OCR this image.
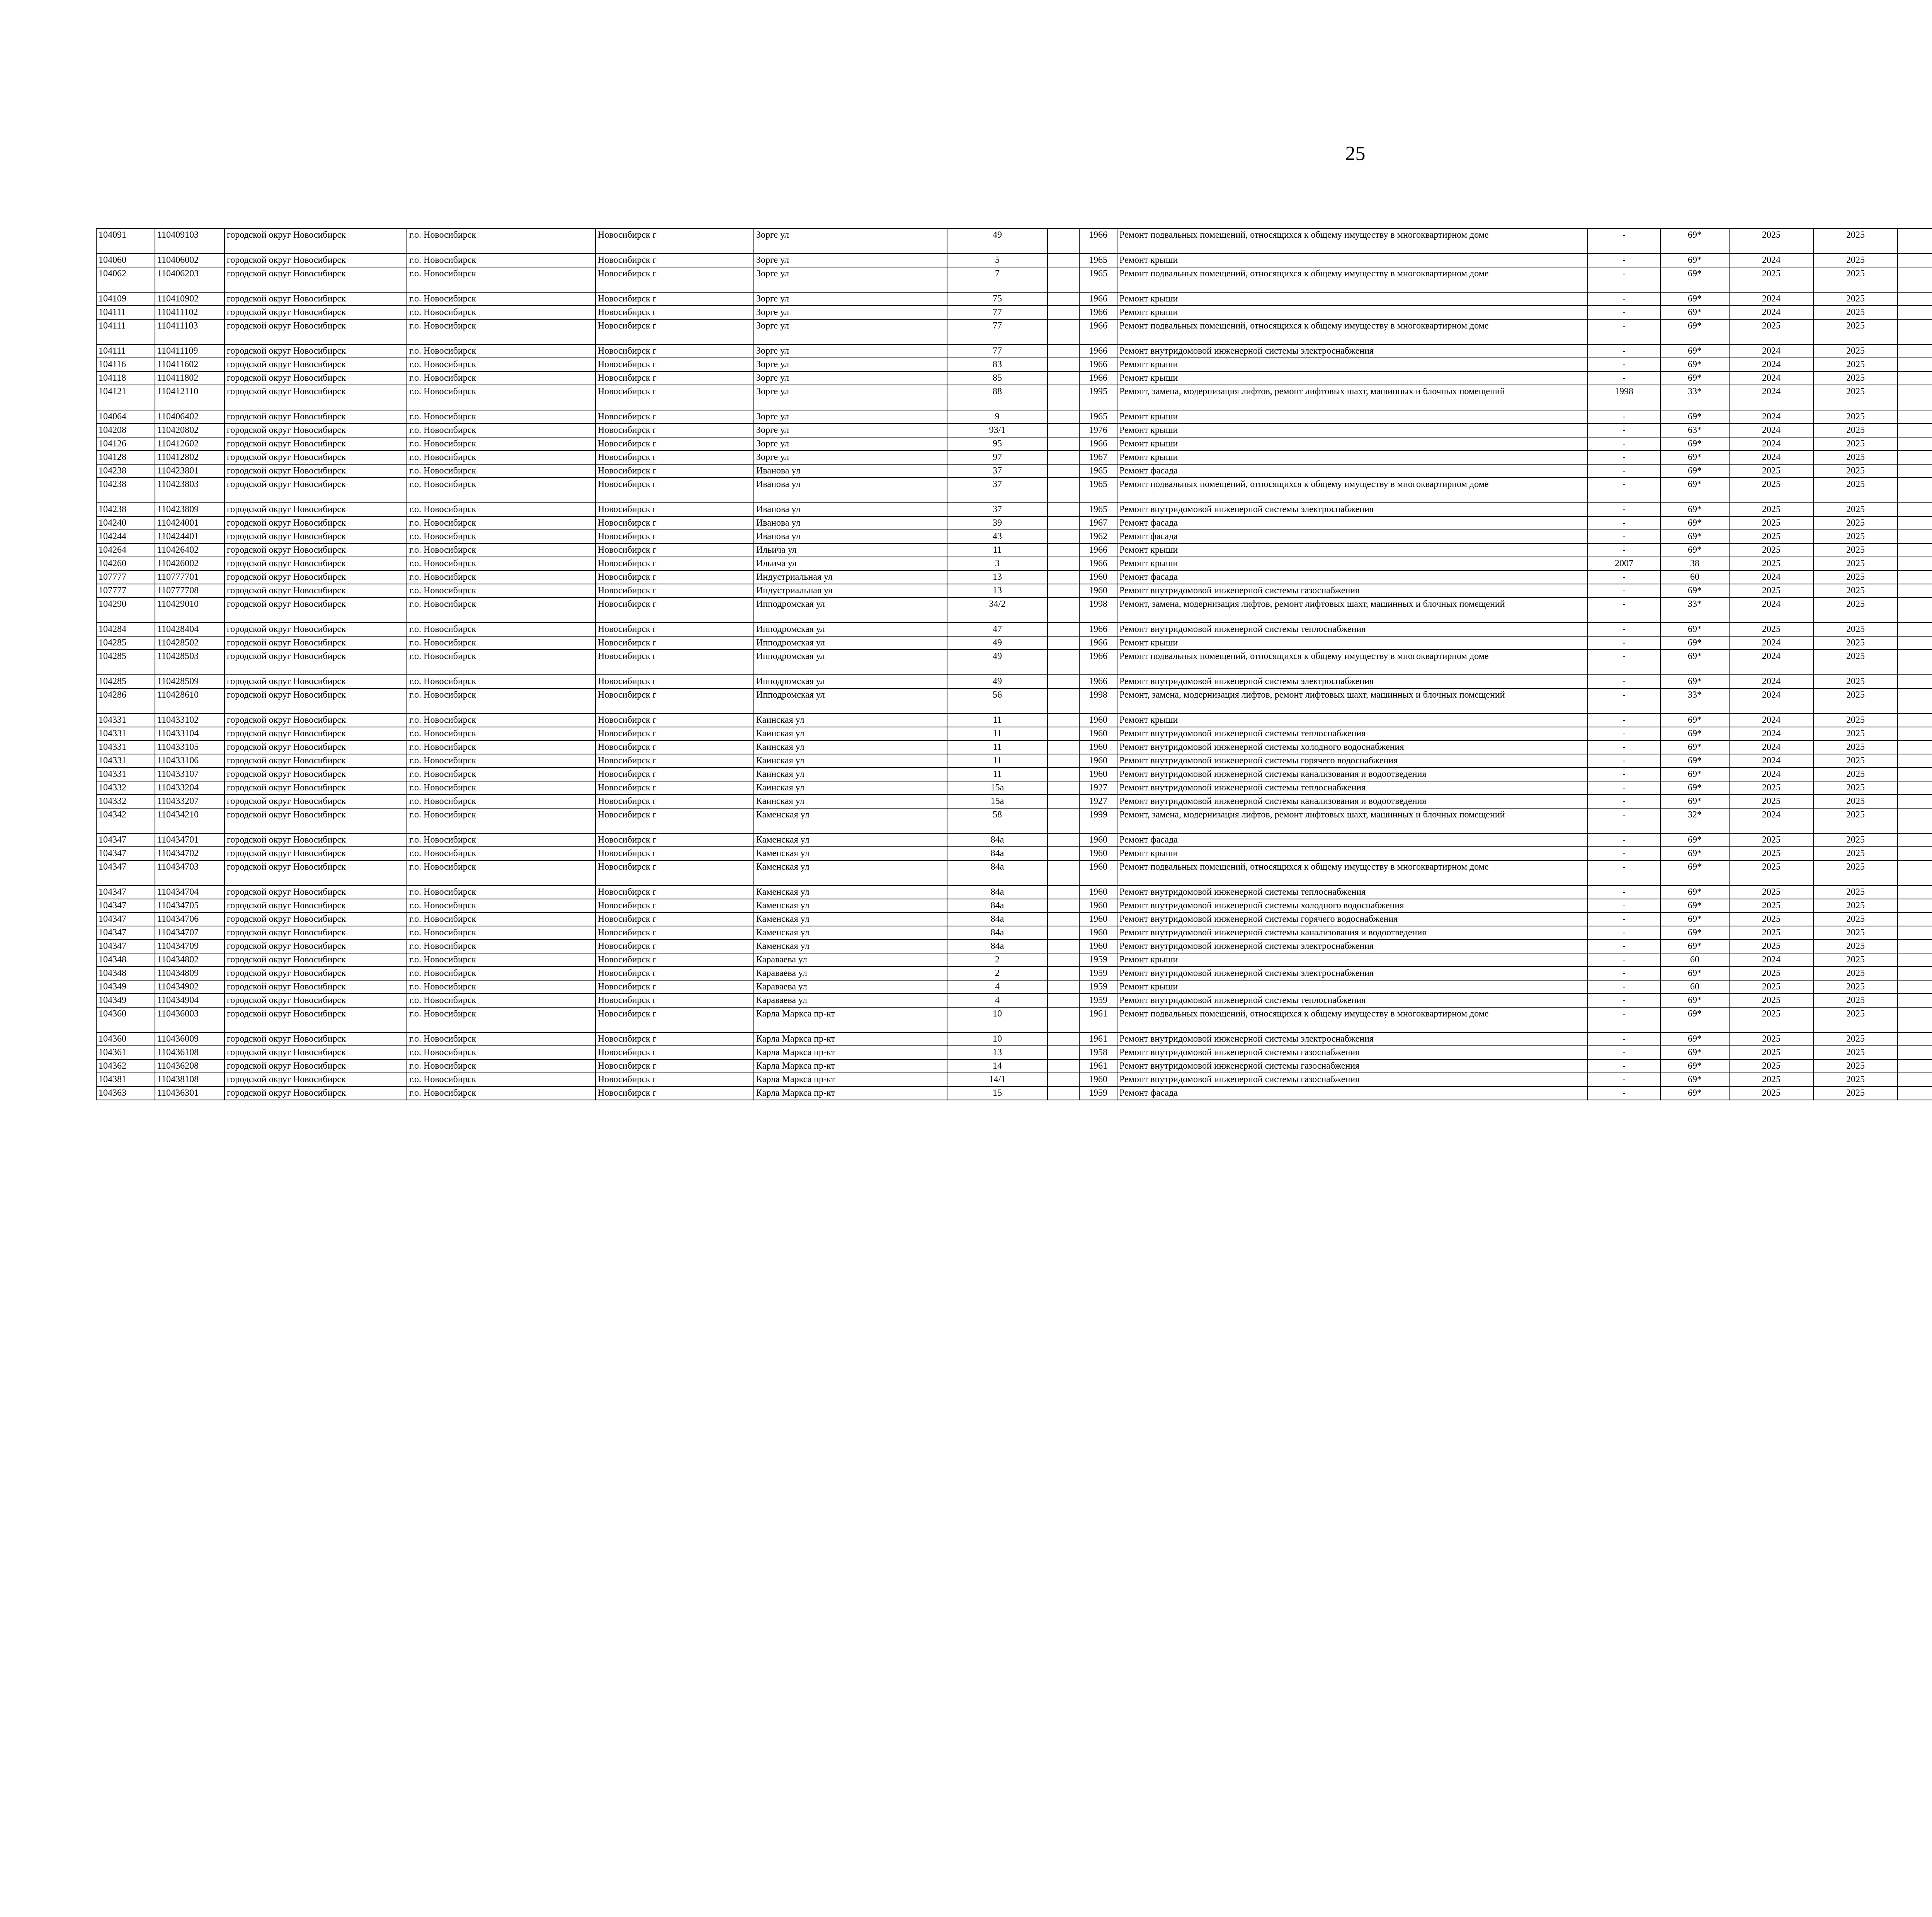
25
104091	110409103	городской округ Новосибирск	г.о. Новосибирск	Новосибирск г	Зорге ул	49		1966	Ремонт подвальных помещений, относящихся к общему имуществу в многоквартирном доме	-	69*	2025	2025								
104060	110406002	городской округ Новосибирск	г.о. Новосибирск	Новосибирск г	Зорге ул	5		1965	Ремонт крыши	-	69*	2024	2025								
104062	110406203	городской округ Новосибирск	г.о. Новосибирск	Новосибирск г	Зорге ул	7		1965	Ремонт подвальных помещений, относящихся к общему имуществу в многоквартирном доме	-	69*	2025	2025								
104109	110410902	городской округ Новосибирск	г.о. Новосибирск	Новосибирск г	Зорге ул	75		1966	Ремонт крыши	-	69*	2024	2025								
104111	110411102	городской округ Новосибирск	г.о. Новосибирск	Новосибирск г	Зорге ул	77		1966	Ремонт крыши	-	69*	2024	2025								
104111	110411103	городской округ Новосибирск	г.о. Новосибирск	Новосибирск г	Зорге ул	77		1966	Ремонт подвальных помещений, относящихся к общему имуществу в многоквартирном доме	-	69*	2025	2025								
104111	110411109	городской округ Новосибирск	г.о. Новосибирск	Новосибирск г	Зорге ул	77		1966	Ремонт внутридомовой инженерной системы электроснабжения	-	69*	2024	2025								
104116	110411602	городской округ Новосибирск	г.о. Новосибирск	Новосибирск г	Зорге ул	83		1966	Ремонт крыши	-	69*	2024	2025								
104118	110411802	городской округ Новосибирск	г.о. Новосибирск	Новосибирск г	Зорге ул	85		1966	Ремонт крыши	-	69*	2024	2025								
104121	110412110	городской округ Новосибирск	г.о. Новосибирск	Новосибирск г	Зорге ул	88		1995	Ремонт, замена, модернизация лифтов, ремонт лифтовых шахт, машинных и блочных помещений	1998	33*	2024	2025								
104064	110406402	городской округ Новосибирск	г.о. Новосибирск	Новосибирск г	Зорге ул	9		1965	Ремонт крыши	-	69*	2024	2025								
104208	110420802	городской округ Новосибирск	г.о. Новосибирск	Новосибирск г	Зорге ул	93/1		1976	Ремонт крыши	-	63*	2024	2025								
104126	110412602	городской округ Новосибирск	г.о. Новосибирск	Новосибирск г	Зорге ул	95		1966	Ремонт крыши	-	69*	2024	2025								
104128	110412802	городской округ Новосибирск	г.о. Новосибирск	Новосибирск г	Зорге ул	97		1967	Ремонт крыши	-	69*	2024	2025								
104238	110423801	городской округ Новосибирск	г.о. Новосибирск	Новосибирск г	Иванова ул	37		1965	Ремонт фасада	-	69*	2025	2025								
104238	110423803	городской округ Новосибирск	г.о. Новосибирск	Новосибирск г	Иванова ул	37		1965	Ремонт подвальных помещений, относящихся к общему имуществу в многоквартирном доме	-	69*	2025	2025								
104238	110423809	городской округ Новосибирск	г.о. Новосибирск	Новосибирск г	Иванова ул	37		1965	Ремонт внутридомовой инженерной системы электроснабжения	-	69*	2025	2025								
104240	110424001	городской округ Новосибирск	г.о. Новосибирск	Новосибирск г	Иванова ул	39		1967	Ремонт фасада	-	69*	2025	2025								
104244	110424401	городской округ Новосибирск	г.о. Новосибирск	Новосибирск г	Иванова ул	43		1962	Ремонт фасада	-	69*	2025	2025								
104264	110426402	городской округ Новосибирск	г.о. Новосибирск	Новосибирск г	Ильича ул	11		1966	Ремонт крыши	-	69*	2025	2025								
104260	110426002	городской округ Новосибирск	г.о. Новосибирск	Новосибирск г	Ильича ул	3		1966	Ремонт крыши	2007	38	2025	2025								
107777	110777701	городской округ Новосибирск	г.о. Новосибирск	Новосибирск г	Индустриальная ул	13		1960	Ремонт фасада	-	60	2024	2025								
107777	110777708	городской округ Новосибирск	г.о. Новосибирск	Новосибирск г	Индустриальная ул	13		1960	Ремонт внутридомовой инженерной системы газоснабжения	-	69*	2025	2025								
104290	110429010	городской округ Новосибирск	г.о. Новосибирск	Новосибирск г	Ипподромская ул	34/2		1998	Ремонт, замена, модернизация лифтов, ремонт лифтовых шахт, машинных и блочных помещений	-	33*	2024	2025								
104284	110428404	городской округ Новосибирск	г.о. Новосибирск	Новосибирск г	Ипподромская ул	47		1966	Ремонт внутридомовой инженерной системы теплоснабжения	-	69*	2025	2025								
104285	110428502	городской округ Новосибирск	г.о. Новосибирск	Новосибирск г	Ипподромская ул	49		1966	Ремонт крыши	-	69*	2024	2025								
104285	110428503	городской округ Новосибирск	г.о. Новосибирск	Новосибирск г	Ипподромская ул	49		1966	Ремонт подвальных помещений, относящихся к общему имуществу в многоквартирном доме	-	69*	2024	2025								
104285	110428509	городской округ Новосибирск	г.о. Новосибирск	Новосибирск г	Ипподромская ул	49		1966	Ремонт внутридомовой инженерной системы электроснабжения	-	69*	2024	2025								
104286	110428610	городской округ Новосибирск	г.о. Новосибирск	Новосибирск г	Ипподромская ул	56		1998	Ремонт, замена, модернизация лифтов, ремонт лифтовых шахт, машинных и блочных помещений	-	33*	2024	2025								
104331	110433102	городской округ Новосибирск	г.о. Новосибирск	Новосибирск г	Каинская ул	11		1960	Ремонт крыши	-	69*	2024	2025								
104331	110433104	городской округ Новосибирск	г.о. Новосибирск	Новосибирск г	Каинская ул	11		1960	Ремонт внутридомовой инженерной системы теплоснабжения	-	69*	2024	2025								
104331	110433105	городской округ Новосибирск	г.о. Новосибирск	Новосибирск г	Каинская ул	11		1960	Ремонт внутридомовой инженерной системы холодного водоснабжения	-	69*	2024	2025								
104331	110433106	городской округ Новосибирск	г.о. Новосибирск	Новосибирск г	Каинская ул	11		1960	Ремонт внутридомовой инженерной системы горячего водоснабжения	-	69*	2024	2025								
104331	110433107	городской округ Новосибирск	г.о. Новосибирск	Новосибирск г	Каинская ул	11		1960	Ремонт внутридомовой инженерной системы канализования и водоотведения	-	69*	2024	2025								
104332	110433204	городской округ Новосибирск	г.о. Новосибирск	Новосибирск г	Каинская ул	15а		1927	Ремонт внутридомовой инженерной системы теплоснабжения	-	69*	2025	2025								
104332	110433207	городской округ Новосибирск	г.о. Новосибирск	Новосибирск г	Каинская ул	15а		1927	Ремонт внутридомовой инженерной системы канализования и водоотведения	-	69*	2025	2025								
104342	110434210	городской округ Новосибирск	г.о. Новосибирск	Новосибирск г	Каменская ул	58		1999	Ремонт, замена, модернизация лифтов, ремонт лифтовых шахт, машинных и блочных помещений	-	32*	2024	2025								
104347	110434701	городской округ Новосибирск	г.о. Новосибирск	Новосибирск г	Каменская ул	84а		1960	Ремонт фасада	-	69*	2025	2025								
104347	110434702	городской округ Новосибирск	г.о. Новосибирск	Новосибирск г	Каменская ул	84а		1960	Ремонт крыши	-	69*	2025	2025								
104347	110434703	городской округ Новосибирск	г.о. Новосибирск	Новосибирск г	Каменская ул	84а		1960	Ремонт подвальных помещений, относящихся к общему имуществу в многоквартирном доме	-	69*	2025	2025								
104347	110434704	городской округ Новосибирск	г.о. Новосибирск	Новосибирск г	Каменская ул	84а		1960	Ремонт внутридомовой инженерной системы теплоснабжения	-	69*	2025	2025								
104347	110434705	городской округ Новосибирск	г.о. Новосибирск	Новосибирск г	Каменская ул	84а		1960	Ремонт внутридомовой инженерной системы холодного водоснабжения	-	69*	2025	2025								
104347	110434706	городской округ Новосибирск	г.о. Новосибирск	Новосибирск г	Каменская ул	84а		1960	Ремонт внутридомовой инженерной системы горячего водоснабжения	-	69*	2025	2025								
104347	110434707	городской округ Новосибирск	г.о. Новосибирск	Новосибирск г	Каменская ул	84а		1960	Ремонт внутридомовой инженерной системы канализования и водоотведения	-	69*	2025	2025								
104347	110434709	городской округ Новосибирск	г.о. Новосибирск	Новосибирск г	Каменская ул	84а		1960	Ремонт внутридомовой инженерной системы электроснабжения	-	69*	2025	2025								
104348	110434802	городской округ Новосибирск	г.о. Новосибирск	Новосибирск г	Караваева ул	2		1959	Ремонт крыши	-	60	2024	2025								
104348	110434809	городской округ Новосибирск	г.о. Новосибирск	Новосибирск г	Караваева ул	2		1959	Ремонт внутридомовой инженерной системы электроснабжения	-	69*	2025	2025								
104349	110434902	городской округ Новосибирск	г.о. Новосибирск	Новосибирск г	Караваева ул	4		1959	Ремонт крыши	-	60	2025	2025								
104349	110434904	городской округ Новосибирск	г.о. Новосибирск	Новосибирск г	Караваева ул	4		1959	Ремонт внутридомовой инженерной системы теплоснабжения	-	69*	2025	2025								
104360	110436003	городской округ Новосибирск	г.о. Новосибирск	Новосибирск г	Карла Маркса пр-кт	10		1961	Ремонт подвальных помещений, относящихся к общему имуществу в многоквартирном доме	-	69*	2025	2025								
104360	110436009	городской округ Новосибирск	г.о. Новосибирск	Новосибирск г	Карла Маркса пр-кт	10		1961	Ремонт внутридомовой инженерной системы электроснабжения	-	69*	2025	2025								
104361	110436108	городской округ Новосибирск	г.о. Новосибирск	Новосибирск г	Карла Маркса пр-кт	13		1958	Ремонт внутридомовой инженерной системы газоснабжения	-	69*	2025	2025								
104362	110436208	городской округ Новосибирск	г.о. Новосибирск	Новосибирск г	Карла Маркса пр-кт	14		1961	Ремонт внутридомовой инженерной системы газоснабжения	-	69*	2025	2025								
104381	110438108	городской округ Новосибирск	г.о. Новосибирск	Новосибирск г	Карла Маркса пр-кт	14/1		1960	Ремонт внутридомовой инженерной системы газоснабжения	-	69*	2025	2025								
104363	110436301	городской округ Новосибирск	г.о. Новосибирск	Новосибирск г	Карла Маркса пр-кт	15		1959	Ремонт фасада	-	69*	2025	2025								
